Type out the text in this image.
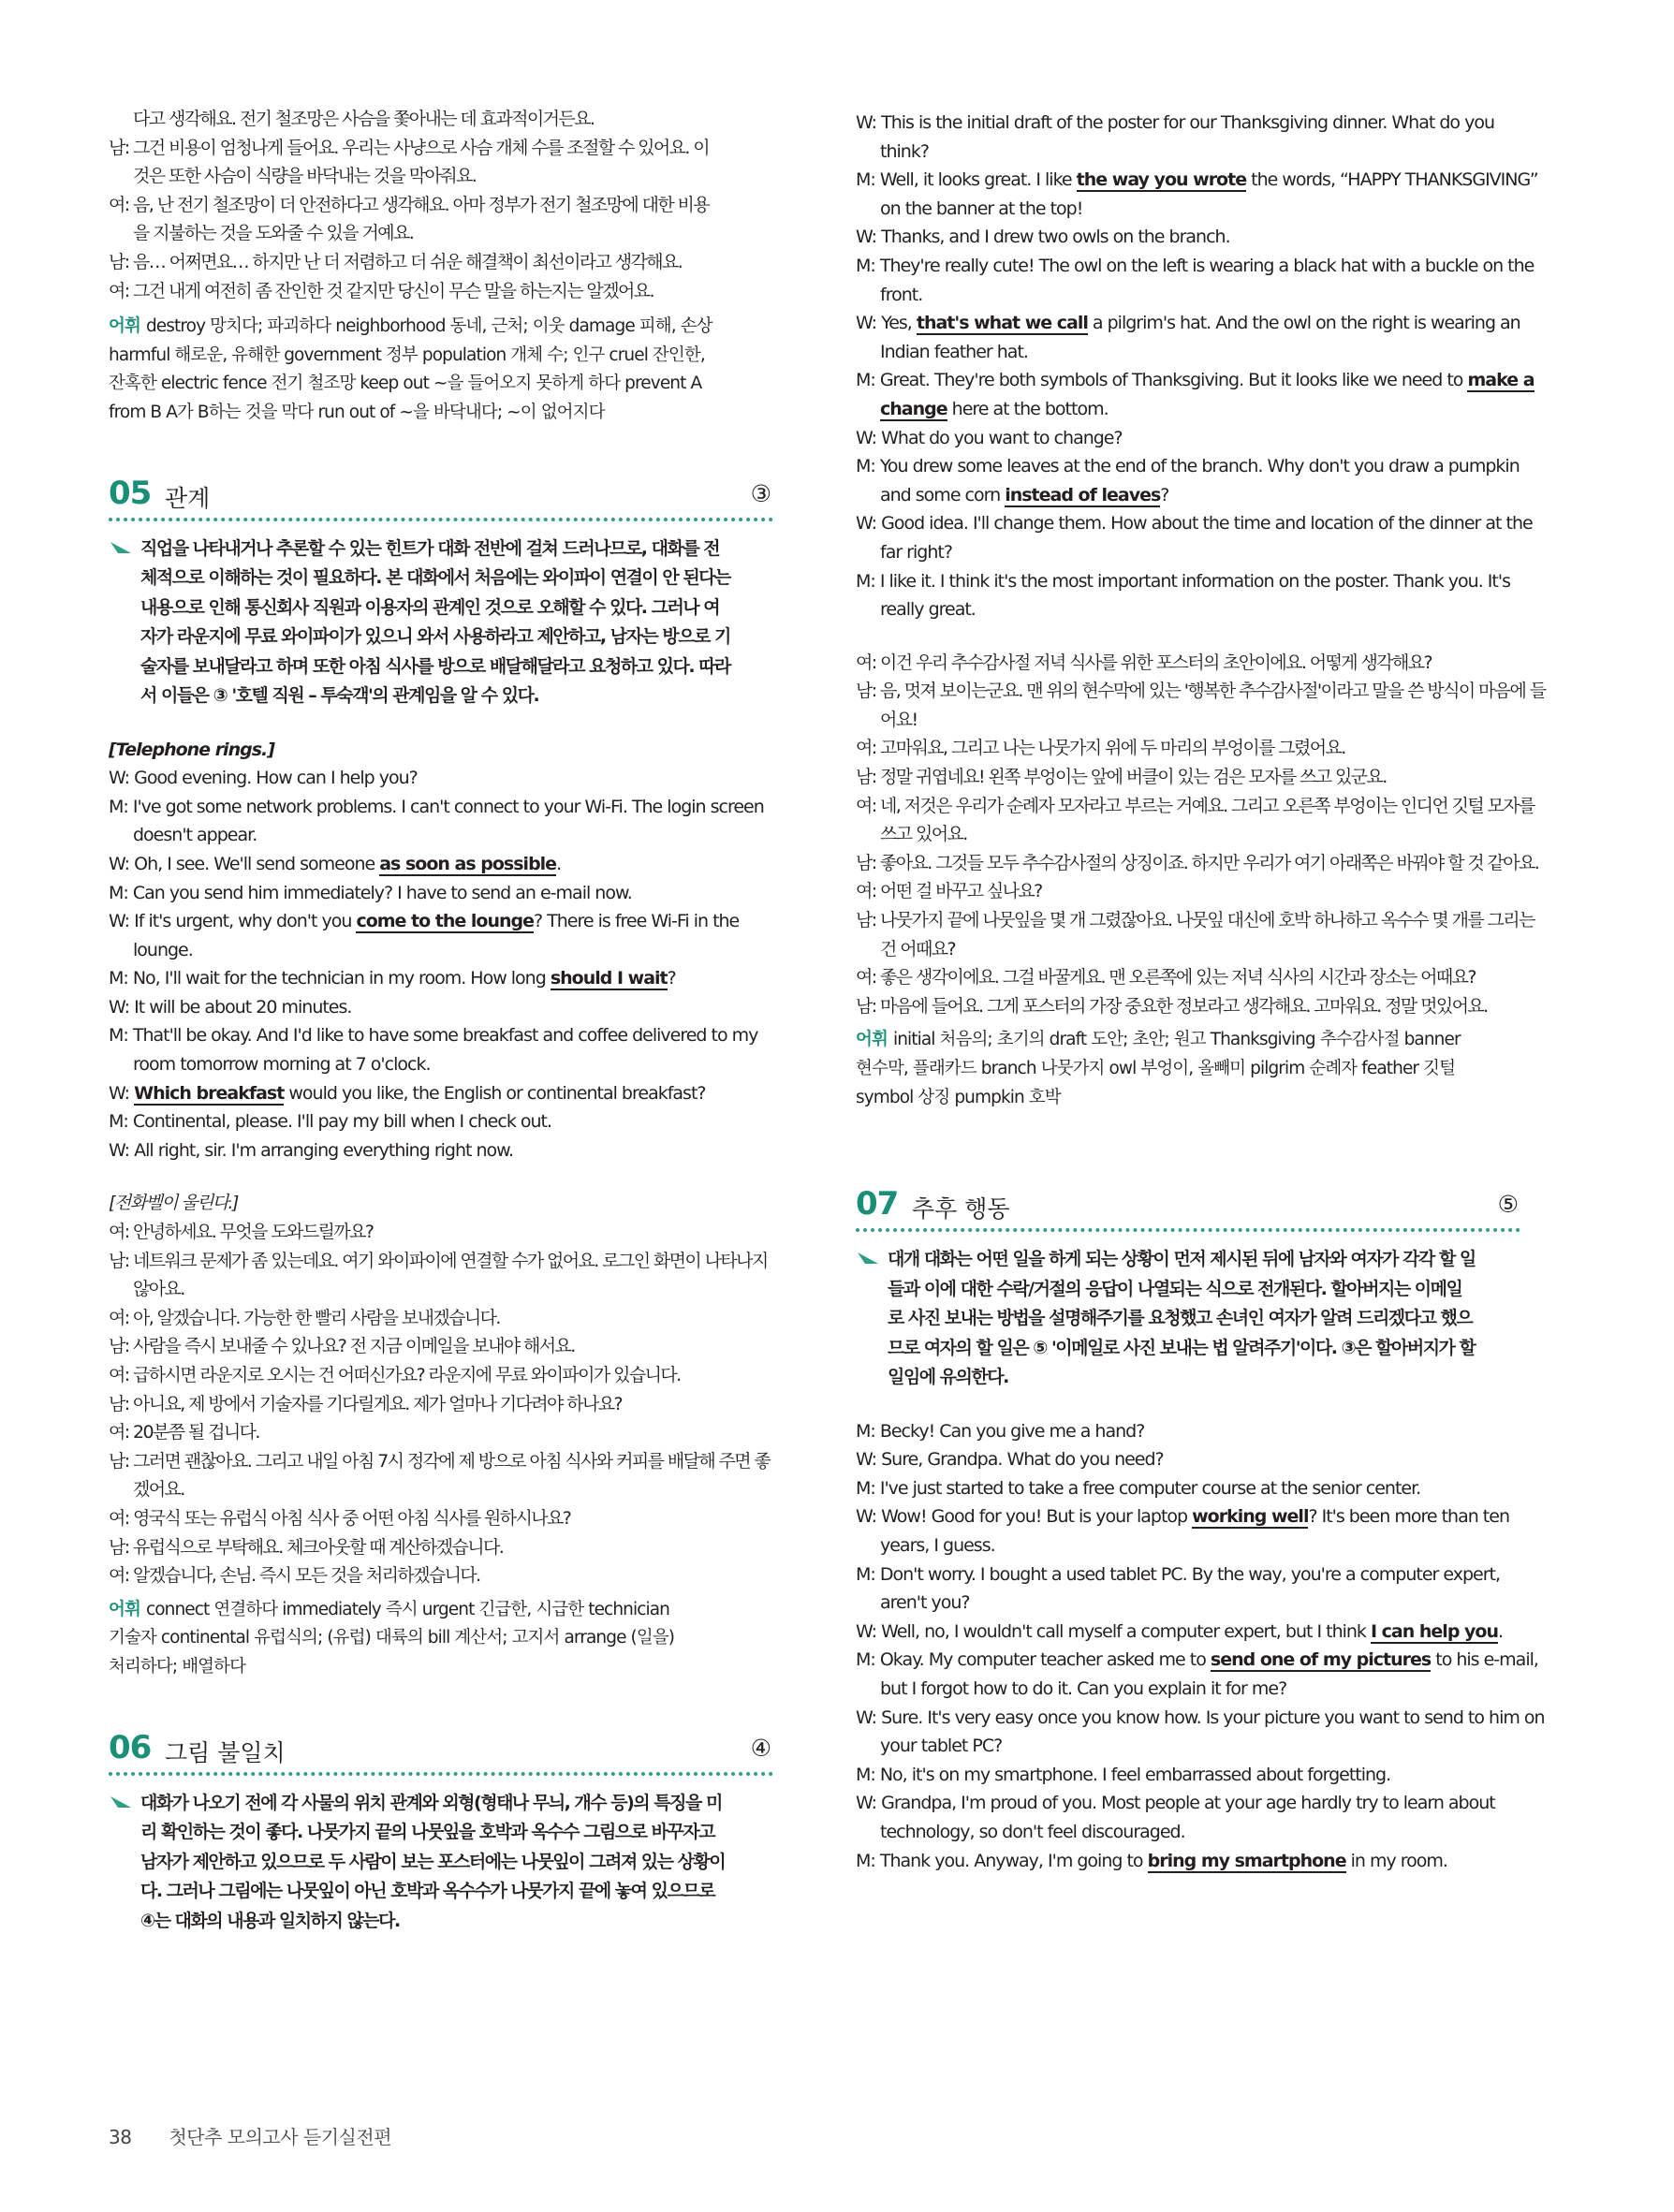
다고 생각해요. 전기 철조망은 사슴을 쫓아내는 데 효과적이거든요.
남: 그건 비용이 엄청나게 들어요. 우리는 사냥으로 사슴 개체 수를 조절할 수 있어요. 이
것은 또한 사슴이 식량을 바닥내는 것을 막아줘요.
여: 음, 난 전기 철조망이 더 안전하다고 생각해요. 아마 정부가 전기 철조망에 대한 비용
을 지불하는 것을 도와줄 수 있을 거예요.
남: 음… 어쩌면요… 하지만 난 더 저렴하고 더 쉬운 해결책이 최선이라고 생각해요.
여: 그건 내게 여전히 좀 잔인한 것 같지만 당신이 무슨 말을 하는지는 알겠어요.
어휘 destroy 망치다; 파괴하다 neighborhood 동네, 근처; 이웃 damage 피해, 손상
harmful 해로운, 유해한 government 정부 population 개체 수; 인구 cruel 잔인한,
잔혹한 electric fence 전기 철조망 keep out ~을 들어오지 못하게 하다 prevent A
from B A가 B하는 것을 막다 run out of ~을 바닥내다; ~이 없어지다
05 관계	③
직업을 나타내거나 추론할 수 있는 힌트가 대화 전반에 걸쳐 드러나므로, 대화를 전
체적으로 이해하는 것이 필요하다. 본 대화에서 처음에는 와이파이 연결이 안 된다는
내용으로 인해 통신회사 직원과 이용자의 관계인 것으로 오해할 수 있다. 그러나 여
자가 라운지에 무료 와이파이가 있으니 와서 사용하라고 제안하고, 남자는 방으로 기
술자를 보내달라고 하며 또한 아침 식사를 방으로 배달해달라고 요청하고 있다. 따라
서 이들은 ③ '호텔 직원 – 투숙객'의 관계임을 알 수 있다.
[Telephone rings.]
W: Good evening. How can I help you?
M: I've got some network problems. I can't connect to your Wi-Fi. The login screen doesn't appear.
W: Oh, I see. We'll send someone as soon as possible.
M: Can you send him immediately? I have to send an e-mail now.
W: If it's urgent, why don't you come to the lounge? There is free Wi-Fi in the lounge.
M: No, I'll wait for the technician in my room. How long should I wait?
W: It will be about 20 minutes.
M: That'll be okay. And I'd like to have some breakfast and coffee delivered to my room tomorrow morning at 7 o'clock.
W: Which breakfast would you like, the English or continental breakfast?
M: Continental, please. I'll pay my bill when I check out.
W: All right, sir. I'm arranging everything right now.
[전화벨이 울린다.]
여: 안녕하세요. 무엇을 도와드릴까요?
남: 네트워크 문제가 좀 있는데요. 여기 와이파이에 연결할 수가 없어요. 로그인 화면이 나타나지 않아요.
여: 아, 알겠습니다. 가능한 한 빨리 사람을 보내겠습니다.
남: 사람을 즉시 보내줄 수 있나요? 전 지금 이메일을 보내야 해서요.
여: 급하시면 라운지로 오시는 건 어떠신가요? 라운지에 무료 와이파이가 있습니다.
남: 아니요, 제 방에서 기술자를 기다릴게요. 제가 얼마나 기다려야 하나요?
여: 20분쯤 될 겁니다.
남: 그러면 괜찮아요. 그리고 내일 아침 7시 정각에 제 방으로 아침 식사와 커피를 배달해 주면 좋겠어요.
여: 영국식 또는 유럽식 아침 식사 중 어떤 아침 식사를 원하시나요?
남: 유럽식으로 부탁해요. 체크아웃할 때 계산하겠습니다.
여: 알겠습니다, 손님. 즉시 모든 것을 처리하겠습니다.
어휘 connect 연결하다 immediately 즉시 urgent 긴급한, 시급한 technician
기술자 continental 유럽식의; (유럽) 대륙의 bill 계산서; 고지서 arrange (일을)
처리하다; 배열하다
06 그림 불일치	④
대화가 나오기 전에 각 사물의 위치 관계와 외형(형태나 무늬, 개수 등)의 특징을 미
리 확인하는 것이 좋다. 나뭇가지 끝의 나뭇잎을 호박과 옥수수 그림으로 바꾸자고
남자가 제안하고 있으므로 두 사람이 보는 포스터에는 나뭇잎이 그려져 있는 상황이
다. 그러나 그림에는 나뭇잎이 아닌 호박과 옥수수가 나뭇가지 끝에 놓여 있으므로
④는 대화의 내용과 일치하지 않는다.
W: This is the initial draft of the poster for our Thanksgiving dinner. What do you think?
M: Well, it looks great. I like the way you wrote the words, “HAPPY THANKSGIVING” on the banner at the top!
W: Thanks, and I drew two owls on the branch.
M: They're really cute! The owl on the left is wearing a black hat with a buckle on the front.
W: Yes, that's what we call a pilgrim's hat. And the owl on the right is wearing an Indian feather hat.
M: Great. They're both symbols of Thanksgiving. But it looks like we need to make a change here at the bottom.
W: What do you want to change?
M: You drew some leaves at the end of the branch. Why don't you draw a pumpkin and some corn instead of leaves?
W: Good idea. I'll change them. How about the time and location of the dinner at the far right?
M: I like it. I think it's the most important information on the poster. Thank you. It's really great.
여: 이건 우리 추수감사절 저녁 식사를 위한 포스터의 초안이에요. 어떻게 생각해요?
남: 음, 멋져 보이는군요. 맨 위의 현수막에 있는 '행복한 추수감사절'이라고 말을 쓴 방식이 마음에 들어요!
여: 고마워요, 그리고 나는 나뭇가지 위에 두 마리의 부엉이를 그렸어요.
남: 정말 귀엽네요! 왼쪽 부엉이는 앞에 버클이 있는 검은 모자를 쓰고 있군요.
여: 네, 저것은 우리가 순례자 모자라고 부르는 거예요. 그리고 오른쪽 부엉이는 인디언 깃털 모자를 쓰고 있어요.
남: 좋아요. 그것들 모두 추수감사절의 상징이죠. 하지만 우리가 여기 아래쪽은 바꿔야 할 것 같아요.
여: 어떤 걸 바꾸고 싶나요?
남: 나뭇가지 끝에 나뭇잎을 몇 개 그렸잖아요. 나뭇잎 대신에 호박 하나하고 옥수수 몇 개를 그리는 건 어때요?
여: 좋은 생각이에요. 그걸 바꿀게요. 맨 오른쪽에 있는 저녁 식사의 시간과 장소는 어때요?
남: 마음에 들어요. 그게 포스터의 가장 중요한 정보라고 생각해요. 고마워요. 정말 멋있어요.
어휘 initial 처음의; 초기의 draft 도안; 초안; 원고 Thanksgiving 추수감사절 banner
현수막, 플래카드 branch 나뭇가지 owl 부엉이, 올빼미 pilgrim 순례자 feather 깃털
symbol 상징 pumpkin 호박
07 추후 행동	⑤
대개 대화는 어떤 일을 하게 되는 상황이 먼저 제시된 뒤에 남자와 여자가 각각 할 일
들과 이에 대한 수락/거절의 응답이 나열되는 식으로 전개된다. 할아버지는 이메일
로 사진 보내는 방법을 설명해주기를 요청했고 손녀인 여자가 알려 드리겠다고 했으
므로 여자의 할 일은 ⑤ '이메일로 사진 보내는 법 알려주기'이다. ③은 할아버지가 할
일임에 유의한다.
M: Becky! Can you give me a hand?
W: Sure, Grandpa. What do you need?
M: I've just started to take a free computer course at the senior center.
W: Wow! Good for you! But is your laptop working well? It's been more than ten years, I guess.
M: Don't worry. I bought a used tablet PC. By the way, you're a computer expert, aren't you?
W: Well, no, I wouldn't call myself a computer expert, but I think I can help you.
M: Okay. My computer teacher asked me to send one of my pictures to his e-mail, but I forgot how to do it. Can you explain it for me?
W: Sure. It's very easy once you know how. Is your picture you want to send to him on your tablet PC?
M: No, it's on my smartphone. I feel embarrassed about forgetting.
W: Grandpa, I'm proud of you. Most people at your age hardly try to learn about technology, so don't feel discouraged.
M: Thank you. Anyway, I'm going to bring my smartphone in my room.
38 첫단추 모의고사 듣기실전편
